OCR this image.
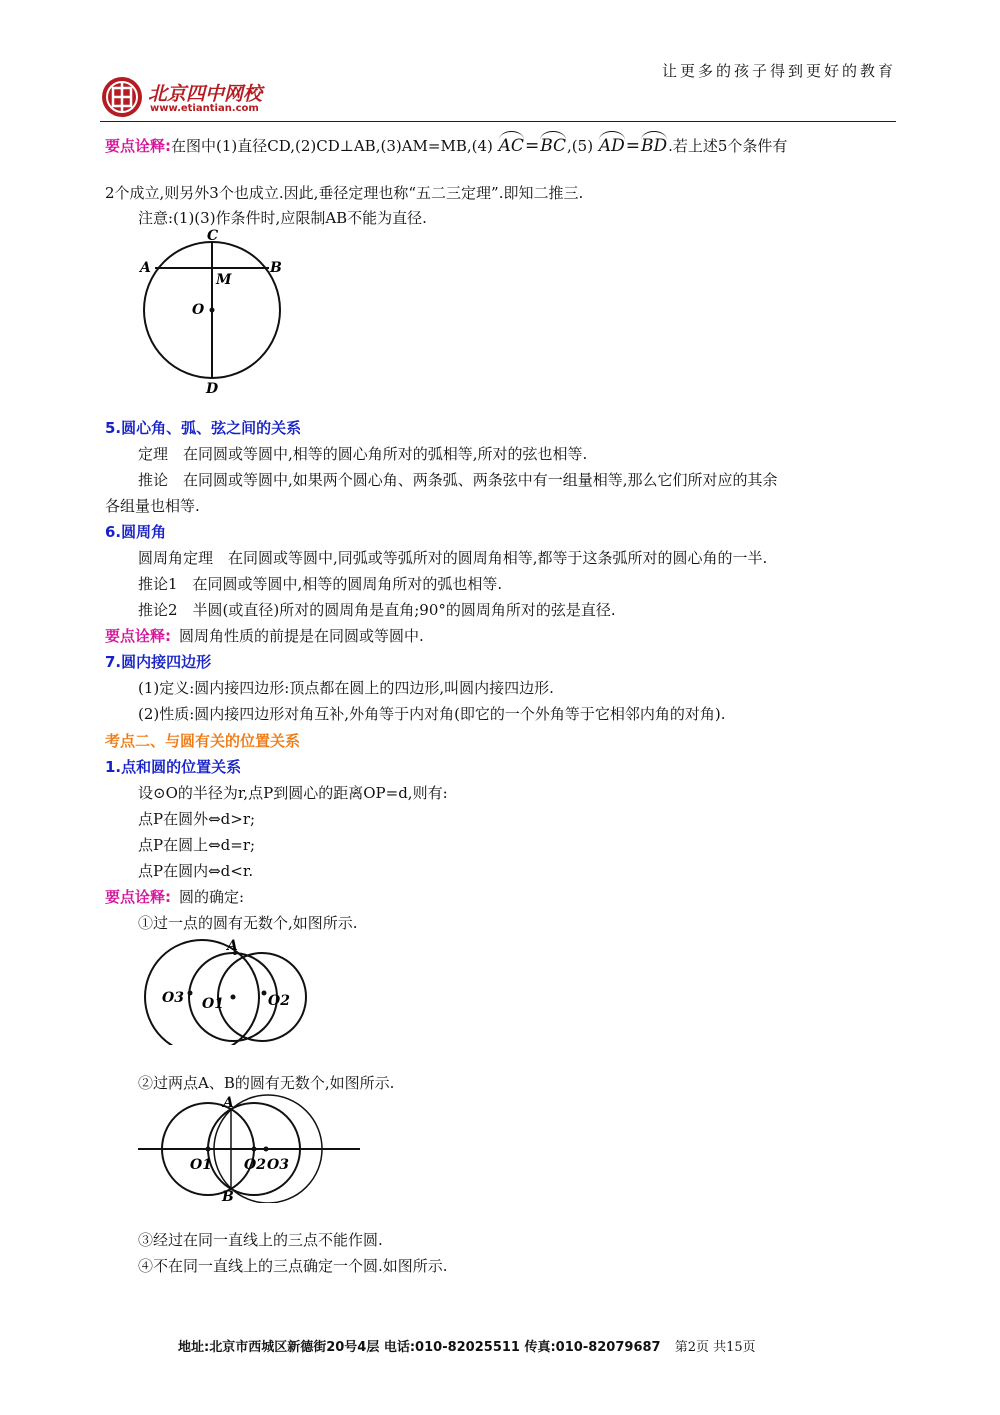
北京四中网校
www.etiantian.com
让更多的孩子得到更好的教育
要点诠释:在图中(1)直径CD,(2)CD⊥AB,(3)AM=MB,(4) AC=BC,(5) AD=BD.若上述5个条件有
2个成立,则另外3个也成立.因此,垂径定理也称“五二三定理”.即知二推三.
注意:(1)(3)作条件时,应限制AB不能为直径.
C
A	B
M
O
D
5.圆心角、弧、弦之间的关系
定理　在同圆或等圆中,相等的圆心角所对的弧相等,所对的弦也相等.
推论　在同圆或等圆中,如果两个圆心角、两条弧、两条弦中有一组量相等,那么它们所对应的其余
各组量也相等.
6.圆周角
圆周角定理　在同圆或等圆中,同弧或等弧所对的圆周角相等,都等于这条弧所对的圆心角的一半.
推论1　在同圆或等圆中,相等的圆周角所对的弧也相等.
推论2　半圆(或直径)所对的圆周角是直角;90°的圆周角所对的弦是直径.
要点诠释: 圆周角性质的前提是在同圆或等圆中.
7.圆内接四边形
(1)定义:圆内接四边形:顶点都在圆上的四边形,叫圆内接四边形.
(2)性质:圆内接四边形对角互补,外角等于内对角(即它的一个外角等于它相邻内角的对角).
考点二、与圆有关的位置关系
1.点和圆的位置关系
设⊙O的半径为r,点P到圆心的距离OP=d,则有:
点P在圆外⇔d>r;
点P在圆上⇔d=r;
点P在圆内⇔d<r.
要点诠释: 圆的确定:
①过一点的圆有无数个,如图所示.
A
O3 O1	O2
②过两点A、B的圆有无数个,如图所示.
A
B
O1 O2 O3
③经过在同一直线上的三点不能作圆.
④不在同一直线上的三点确定一个圆.如图所示.
地址:北京市西城区新德街20号4层 电话:010-82025511 传真:010-82079687 第2页 共15页
